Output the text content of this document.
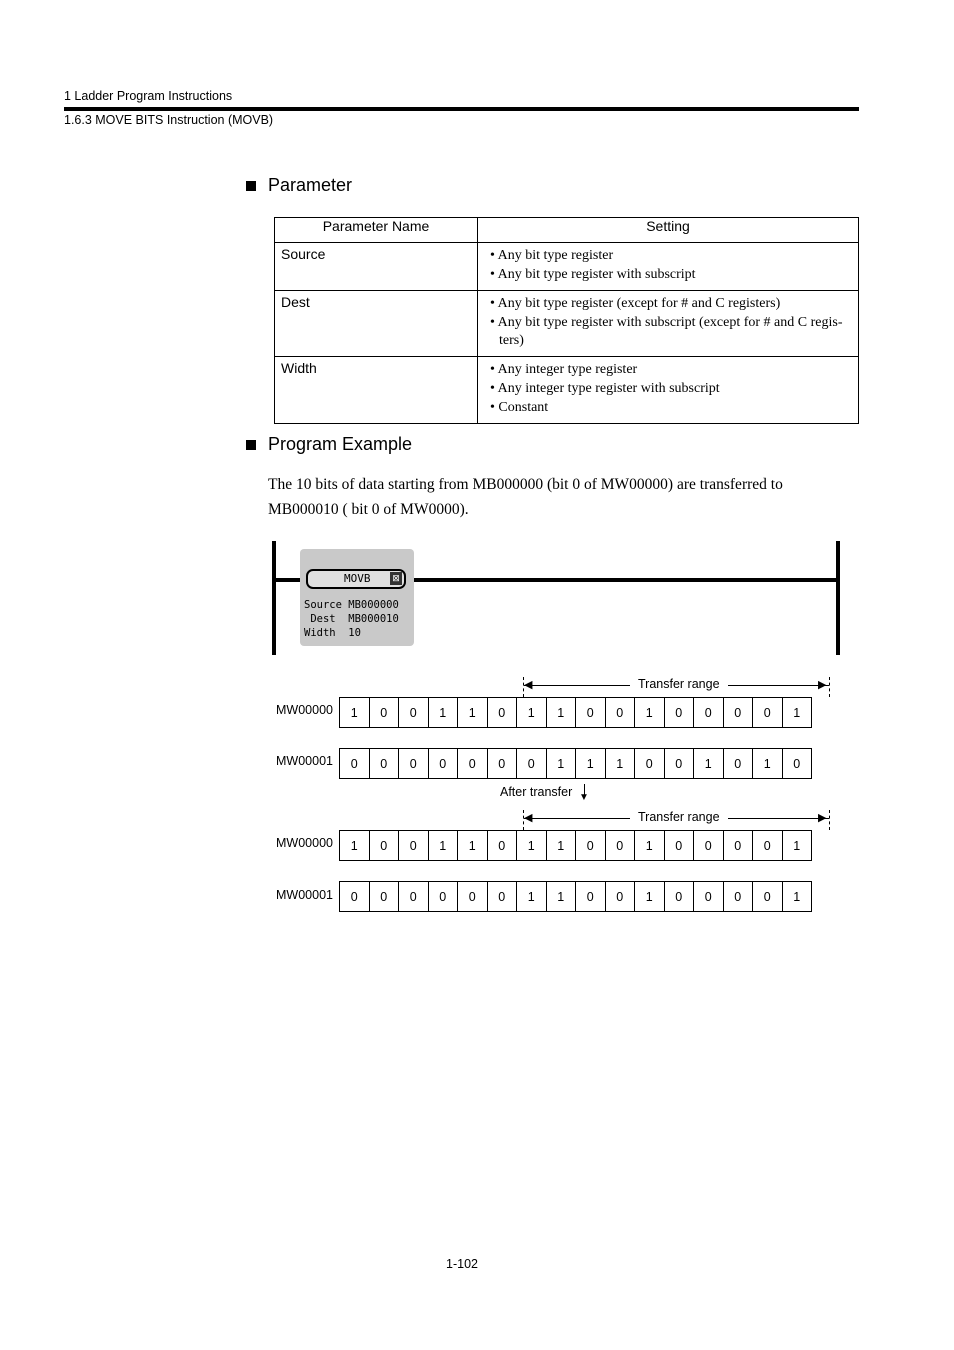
1 Ladder Program Instructions
1.6.3 MOVE BITS Instruction (MOVB)
Parameter
Parameter Name	Setting
Source	• Any bit type register
• Any bit type register with subscript

Dest	• Any bit type register (except for # and C registers)
• Any bit type register with subscript (except for # and C regis-ters)

Width	• Any integer type register
• Any integer type register with subscript
• Constant
Program Example
The 10 bits of data starting from MB000000 (bit 0 of MW00000) are transferred to MB000010 ( bit 0 of MW0000).
MOVB ⊠
Source MB000000
Dest  MB000010
Width  10
◀	▶
Transfer range
MW00000	1	0	0	1	1	0	1	1	0	0	1	0	0	0	0	1
MW00001	0	0	0	0	0	0	0	1	1	1	0	0	1	0	1	0
After transfer ▼
◀	▶
Transfer range
MW00000	1	0	0	1	1	0	1	1	0	0	1	0	0	0	0	1
MW00001	0	0	0	0	0	0	1	1	0	0	1	0	0	0	0	1
1-102
